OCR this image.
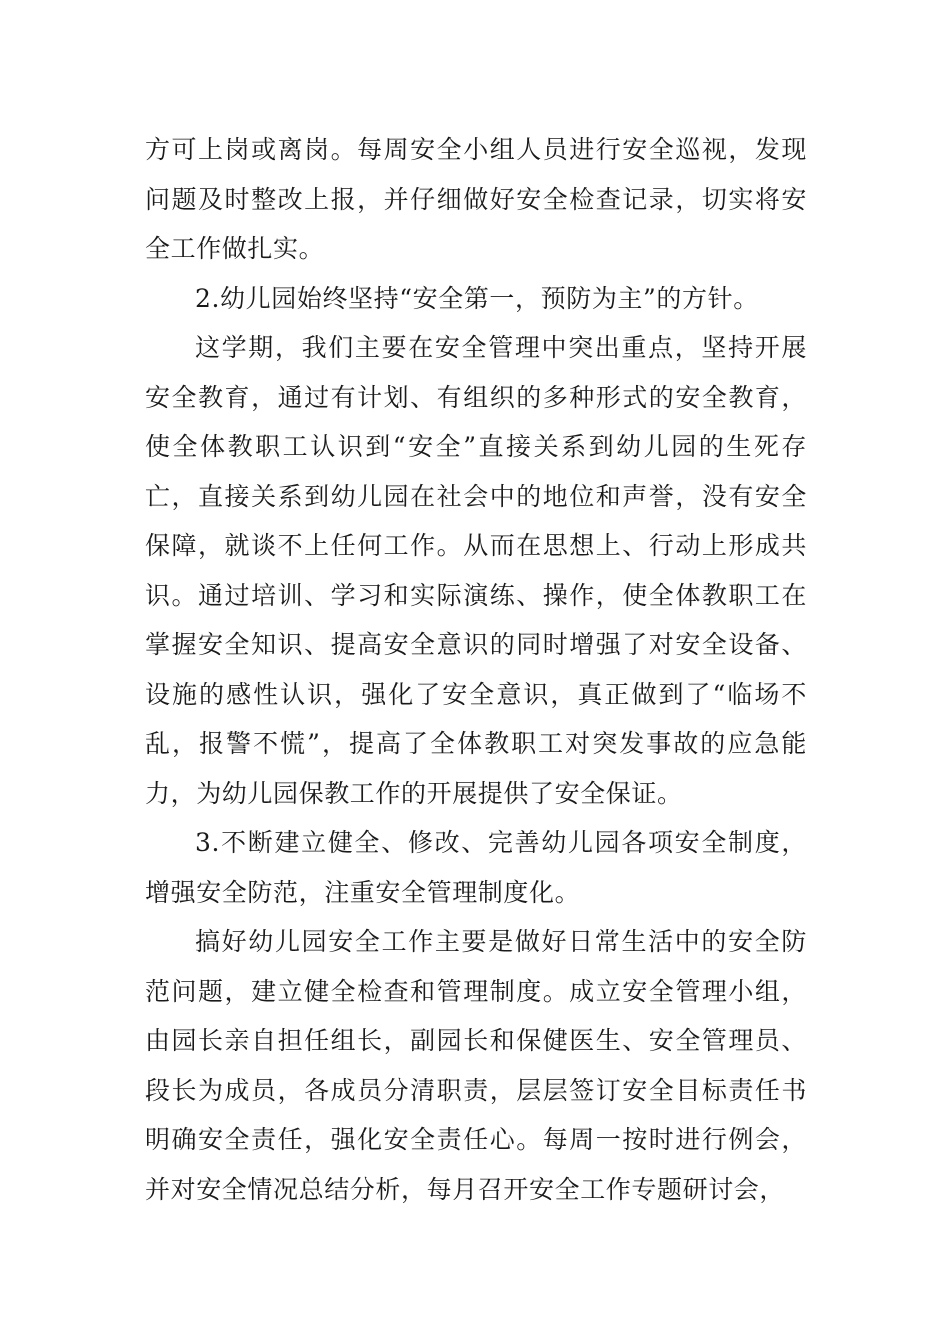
方可上岗或离岗。每周安全小组人员进行安全巡视，发现问题及时整改上报，并仔细做好安全检查记录，切实将安全工作做扎实。

2.幼儿园始终坚持“安全第一，预防为主”的方针。

这学期，我们主要在安全管理中突出重点，坚持开展安全教育，通过有计划、有组织的多种形式的安全教育，使全体教职工认识到“安全”直接关系到幼儿园的生死存亡，直接关系到幼儿园在社会中的地位和声誉，没有安全保障，就谈不上任何工作。从而在思想上、行动上形成共识。通过培训、学习和实际演练、操作，使全体教职工在掌握安全知识、提高安全意识的同时增强了对安全设备、设施的感性认识，强化了安全意识，真正做到了“临场不乱，报警不慌”，提高了全体教职工对突发事故的应急能力，为幼儿园保教工作的开展提供了安全保证。

3.不断建立健全、修改、完善幼儿园各项安全制度，增强安全防范，注重安全管理制度化。

搞好幼儿园安全工作主要是做好日常生活中的安全防范问题，建立健全检查和管理制度。成立安全管理小组，由园长亲自担任组长，副园长和保健医生、安全管理员、段长为成员，各成员分清职责，层层签订安全目标责任书明确安全责任，强化安全责任心。每周一按时进行例会，并对安全情况总结分析，每月召开安全工作专题研讨会，
